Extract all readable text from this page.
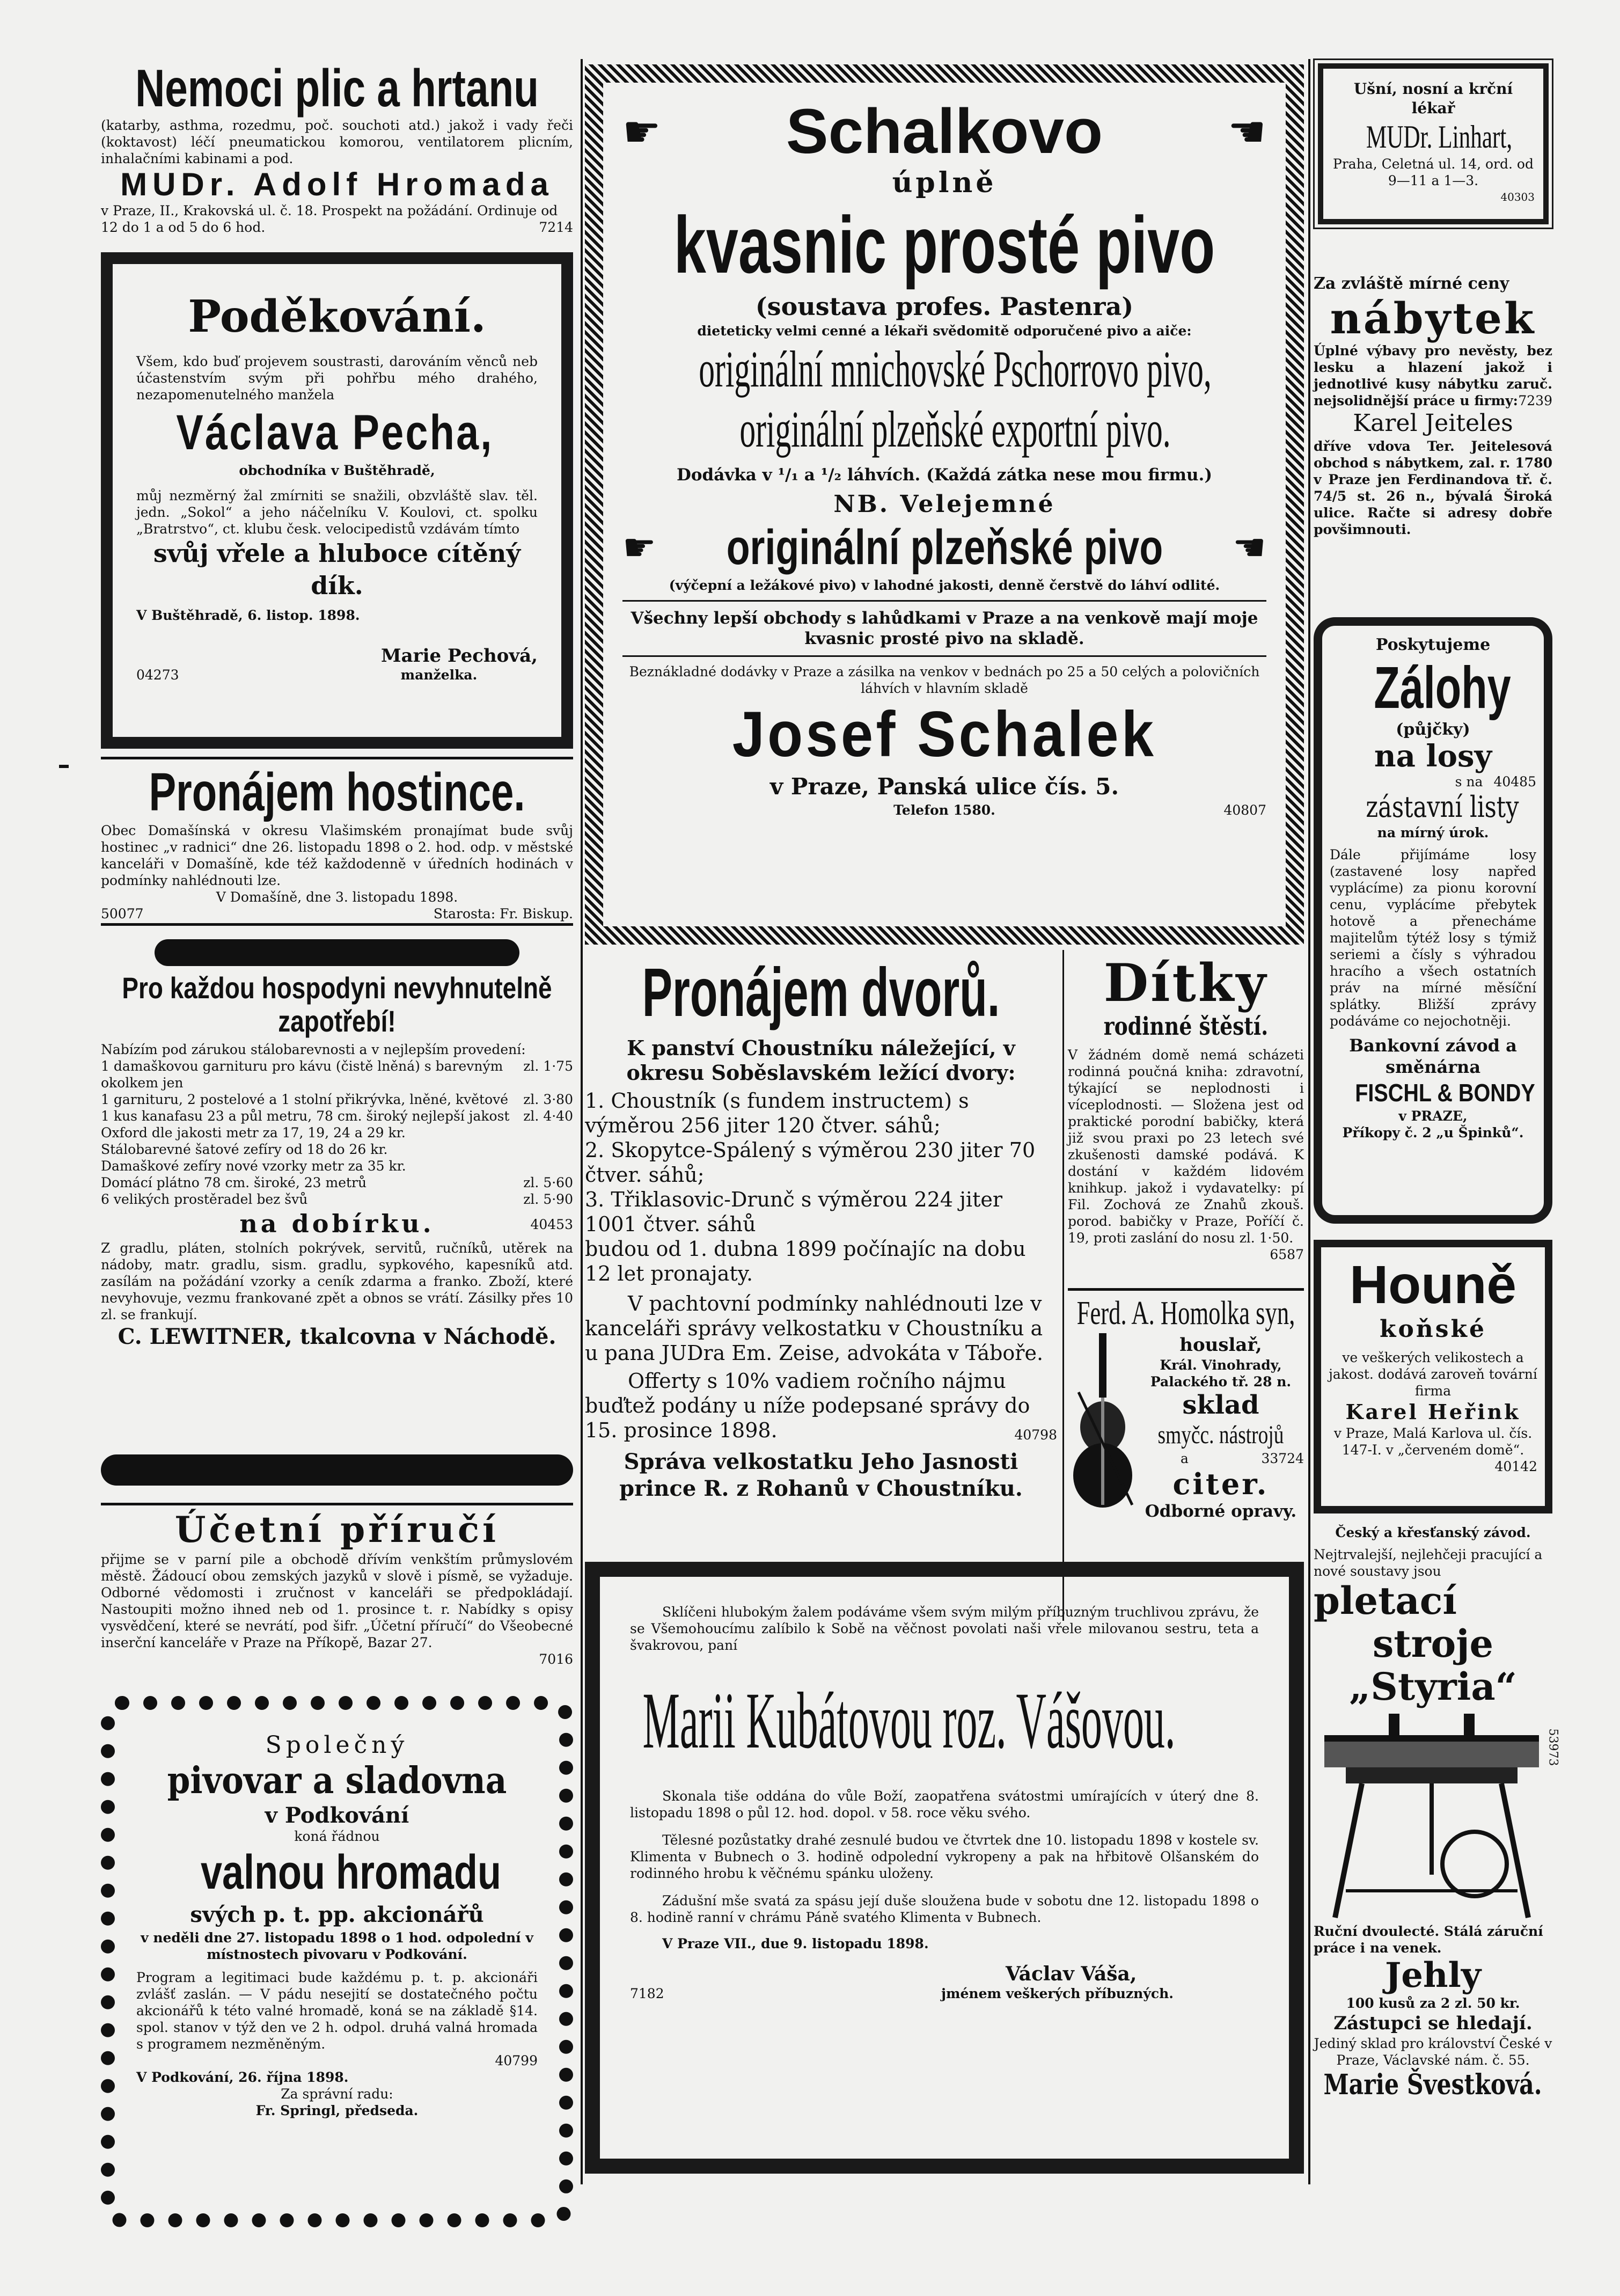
Nemoci plic a hrtanu

(katarby, asthma, rozedmu, poč. souchoti atd.) jakož i vady řeči (koktavost) léčí pneumatickou komorou, ventilatorem plicním, inhalačními kabinami a pod.

MUDr. Adolf Hromada

v Praze, II., Krakovská ul. č. 18. Prospekt na požádání. Ordinuje od 12 do 1 a od 5 do 6 hod.	7214
Poděkování.

Všem, kdo buď projevem soustrasti, darováním věnců neb účastenstvím svým při pohřbu mého drahého, nezapomenutelného manžela

Václava Pecha,
obchodníka v Buštěhradě,

můj nezměrný žal zmírniti se snažili, obzvláště slav. těl. jedn. „Sokol“ a jeho náčelníku V. Koulovi, ct. spolku „Bratrstvo“, ct. klubu česk. velocipedistů vzdávám tímto

svůj vřele a hluboce cítěný dík.
V Buštěhradě, 6. listop. 1898.
Marie Pechová,
04273	manželka.
Pronájem hostince.

Obec Domašínská v okresu Vlašimském pronajímat bude svůj hostinec „v radnici“ dne 26. listopadu 1898 o 2. hod. odp. v městské kanceláři v Domašíně, kde též každodenně v úředních hodinách v podmínky nahlédnouti lze.

V Domašíně, dne 3. listopadu 1898.
50077	Starosta: Fr. Biskup.
Pro každou hospodyni nevyhnutelně zapotřebí!

Nabízím pod zárukou stálobarevnosti a v nejlepším provedení:

1 damaškovou garnituru pro kávu (čistě lněná) s barevným okolkem jen
zl. 1·75
1 garnituru, 2 postelové a 1 stolní přikrývka, lněné, květové	zl. 3·80
1 kus kanafasu 23 a půl metru, 78 cm. široký nejlepší jakost	zl. 4·40
Oxford dle jakosti metr za 17, 19, 24 a 29 kr.
Stálobarevné šatové zefíry od 18 do 26 kr.
Damaškové zefíry nové vzorky metr za 35 kr.
Domácí plátno 78 cm. široké, 23 metrů	zl. 5·60
6 velikých prostěradel bez švů	zl. 5·90
na dobírku.	40453

Z gradlu, pláten, stolních pokrývek, servitů, ručníků, utěrek na nádoby, matr. gradlu, sism. gradlu, sypkového, kapesníků atd. zasílám na požádání vzorky a ceník zdarma a franko. Zboží, které nevyhovuje, vezmu frankované zpět a obnos se vrátí. Zásilky přes 10 zl. se frankují.

C. LEWITNER, tkalcovna v Náchodě.
Účetní příručí

přijme se v parní pile a obchodě dřívím venkštím průmyslovém městě. Žádoucí obou zemských jazyků v slově i písmě, se vyžaduje. Odborné vědomosti i zručnost v kanceláři se předpokládají. Nastoupiti možno ihned neb od 1. prosince t. r. Nabídky s opisy vysvědčení, které se nevrátí, pod šifr. „Účetní příručí“ do Všeobecné inserční kanceláře v Praze na Příkopě, Bazar 27.

7016
Společný
pivovar a sladovna
v Podkování
koná řádnou
valnou hromadu
svých p. t. pp. akcionářů
v neděli dne 27. listopadu 1898 o 1 hod. odpolední v místnostech pivovaru v Podkování.

Program a legitimaci bude každému p. t. p. akcionáři zvlášť zaslán. — V pádu nesejití se dostatečného počtu akcionářů k této valné hromadě, koná se na základě §14. spol. stanov v týž den ve 2 h. odpol. druhá valná hromada s programem nezměněným.

40799
V Podkování, 26. října 1898.
Za správní radu:
Fr. Springl, předseda.
☛ Schalkovo	☛
úplně
kvasnic prosté pivo
(soustava profes. Pastenra)
dieteticky velmi cenné a lékaři svědomitě odporučené pivo a aiče:
originální mnichovské Pschorrovo pivo,
originální plzeňské exportní pivo.
Dodávka v ¹/₁ a ¹/₂ láhvích. (Každá zátka nese mou firmu.)
NB. Velejemné
☛ originální plzeňské pivo ☛
(výčepní a ležákové pivo) v lahodné jakosti, denně čerstvě do láhví odlité.

Všechny lepší obchody s lahůdkami v Praze a na venkově mají moje kvasnic prosté pivo na skladě.

Beznákladné dodávky v Praze a zásilka na venkov v bednách po 25 a 50 celých a polovičních láhvích v hlavním skladě

Josef Schalek
v Praze, Panská ulice čís. 5.
Telefon 1580.	40807
Pronájem dvorů.
K panství Choustníku náležející, v okresu Soběslavském ležící dvory:

1. Choustník (s fundem instructem) s výměrou 256 jiter 120 čtver. sáhů;

2. Skopytce-Spálený s výměrou 230 jiter 70 čtver. sáhů;

3. Třiklasovic-Drunč s výměrou 224 jiter 1001 čtver. sáhů

budou od 1. dubna 1899 počínajíc na dobu 12 let pronajaty.

V pachtovní podmínky nahlédnouti lze v kanceláři správy velkostatku v Choustníku a u pana JUDra Em. Zeise, advokáta v Táboře.

Offerty s 10% vadiem ročního nájmu buďtež podány u níže podepsané správy do 15. prosince 1898.	40798
Správa velkostatku Jeho Jasnosti prince R. z Rohanů v Choustníku.
Dítky
rodinné štěstí.

V žádném domě nemá scházeti rodinná poučná kniha: zdravotní, týkající se neplodnosti i víceplodnosti. — Složena jest od praktické porodní babičky, která již svou praxi po 23 letech své zkušenosti damské podává. K dostání v každém lidovém knihkup. jakož i vydavatelky: pí Fil. Zochová ze Znahů zkouš. porod. babičky v Praze, Poříčí č. 19, proti zaslání do nosu zl. 1·50.

6587
Ferd. A. Homolka syn,
houslař,
Král. Vinohrady, Palackého tř. 28 n.
sklad
smyčc. nástrojů
a	33724
citer.
Odborné opravy.

Sklíčeni hlubokým žalem podáváme všem svým milým příbuzným truchlivou zprávu, že se Všemohoucímu zalíbilo k Sobě na věčnost povolati naši vřele milovanou sestru, teta a švakrovou, paní

Marii Kubátovou roz. Vášovou.

Skonala tiše oddána do vůle Boží, zaopatřena svátostmi umírajících v úterý dne 8. listopadu 1898 o půl 12. hod. dopol. v 58. roce věku svého.

Tělesné pozůstatky drahé zesnulé budou ve čtvrtek dne 10. listopadu 1898 v kostele sv. Klimenta v Bubnech o 3. hodině odpolední vykropeny a pak na hřbitově Olšanském do rodinného hrobu k věčnému spánku uloženy.

Zádušní mše svatá za spásu její duše sloužena bude v sobotu dne 12. listopadu 1898 o 8. hodině ranní v chrámu Páně svatého Klimenta v Bubnech.

V Praze VII., due 9. listopadu 1898.
Václav Váša,
7182	jménem veškerých příbuzných.
Ušní, nosní a krční lékař
MUDr. Linhart,
Praha, Celetná ul. 14, ord. od 9—11 a 1—3.
40303
Za zvláště mírné ceny
nábytek

Úplné výbavy pro nevěsty, bez lesku a hlazení jakož i jednotlivé kusy nábytku zaruč. nejsolidnější práce u firmy: 7239
Karel Jeiteles

dříve vdova Ter. Jeitelesová obchod s nábytkem, zal. r. 1780 v Praze jen Ferdinandova tř. č. 74/5 st. 26 n., bývalá Široká ulice. Račte si adresy dobře povšimnouti.

Poskytujeme
Zálohy
(půjčky)
na losy
s na 40485
zástavní listy
na mírný úrok.

Dále přijímáme losy (zastavené losy napřed vyplácíme) za pionu korovní cenu, vyplácíme přebytek hotově a přenecháme majitelům týtéž losy s týmiž seriemi a čísly s výhradou hracího a všech ostatních práv na mírné měsíční splátky. Bližší zprávy podáváme co nejochotněji.

Bankovní závod a směnárna
FISCHL & BONDY
v PRAZE,
Příkopy č. 2 „u Špinků“.
Houně
koňské

ve veškerých velikostech a jakost. dodává zaroveň tovární firma

Karel Heřink

v Praze, Malá Karlova ul. čís. 147-I. v „červeném domě“.

40142
Český a křesťanský závod.

Nejtrvalejší, nejlehčeji pracující a nové soustavy jsou

pletací
stroje
„Styria“
53973

Ruční dvoulecté. Stálá záruční práce i na venek.

Jehly
100 kusů za 2 zl. 50 kr.
Zástupci se hledají.

Jediný sklad pro království České v Praze, Václavské nám. č. 55.

Marie Švestková.
